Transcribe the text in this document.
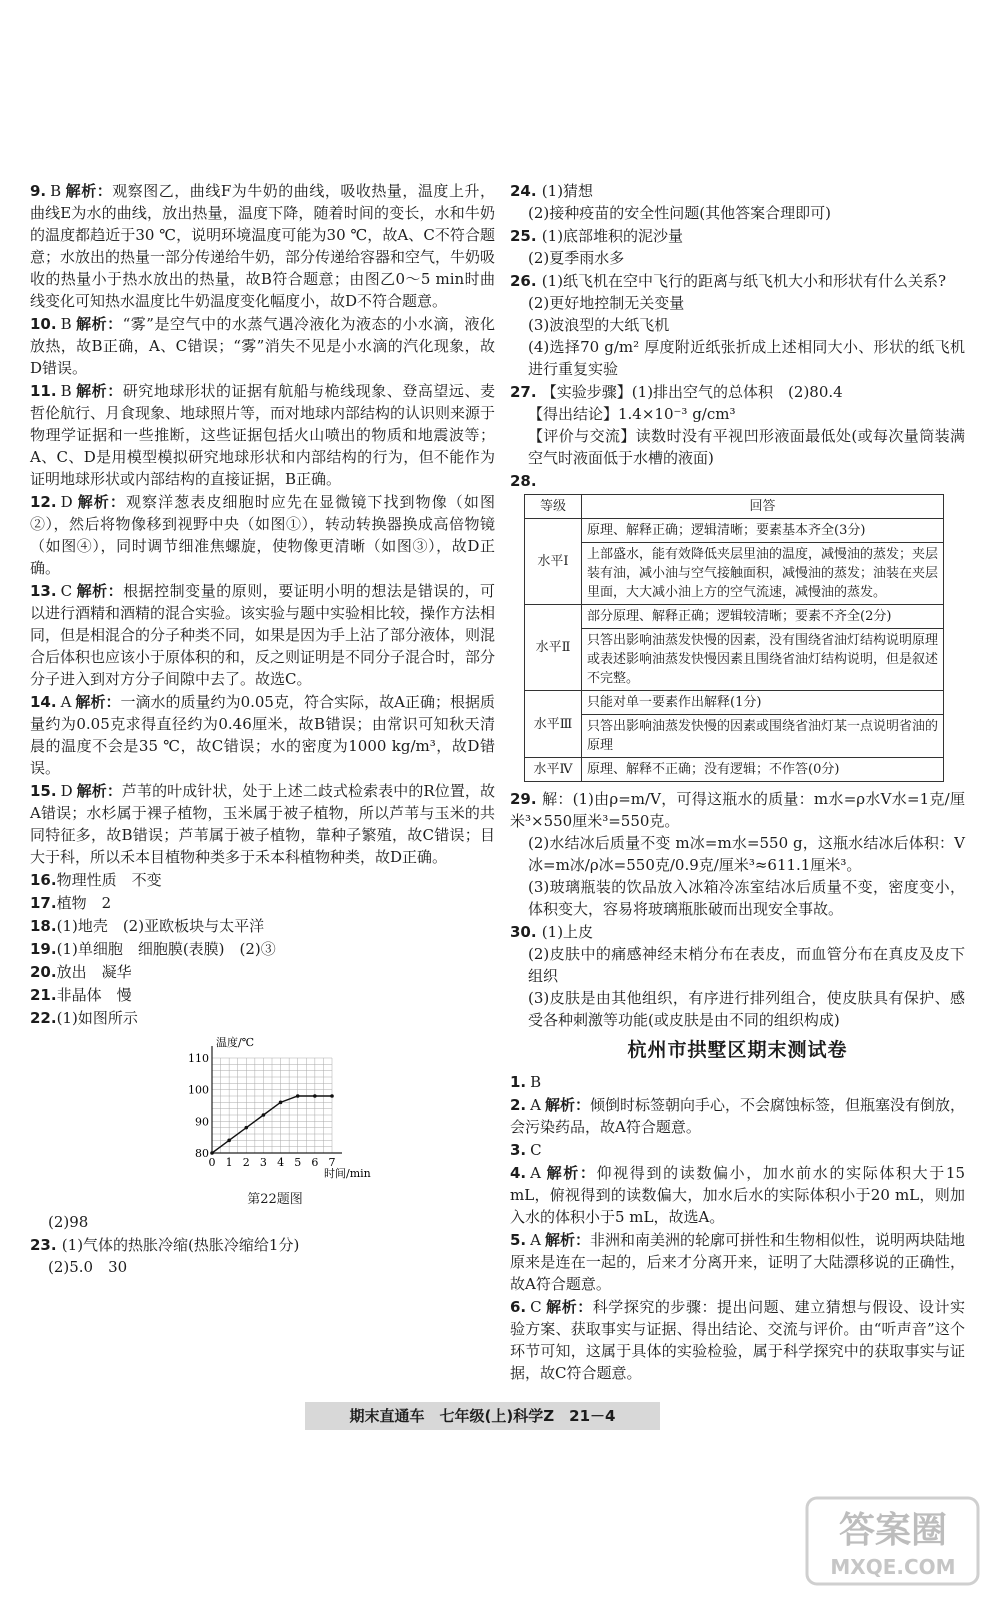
9. B 解析：观察图乙，曲线F为牛奶的曲线，吸收热量，温度上升，曲线E为水的曲线，放出热量，温度下降，随着时间的变长，水和牛奶的温度都趋近于30 ℃，说明环境温度可能为30 ℃，故A、C不符合题意；水放出的热量一部分传递给牛奶，部分传递给容器和空气，牛奶吸收的热量小于热水放出的热量，故B符合题意；由图乙0～5 min时曲线变化可知热水温度比牛奶温度变化幅度小，故D不符合题意。
10. B 解析：“雾”是空气中的水蒸气遇冷液化为液态的小水滴，液化放热，故B正确，A、C错误；“雾”消失不见是小水滴的汽化现象，故D错误。
11. B 解析：研究地球形状的证据有航船与桅线现象、登高望远、麦哲伦航行、月食现象、地球照片等，而对地球内部结构的认识则来源于物理学证据和一些推断，这些证据包括火山喷出的物质和地震波等；A、C、D是用模型模拟研究地球形状和内部结构的行为，但不能作为证明地球形状或内部结构的直接证据，B正确。
12. D 解析：观察洋葱表皮细胞时应先在显微镜下找到物像（如图②），然后将物像移到视野中央（如图①），转动转换器换成高倍物镜（如图④），同时调节细准焦螺旋，使物像更清晰（如图③），故D正确。
13. C 解析：根据控制变量的原则，要证明小明的想法是错误的，可以进行酒精和酒精的混合实验。该实验与题中实验相比较，操作方法相同，但是相混合的分子种类不同，如果是因为手上沾了部分液体，则混合后体积也应该小于原体积的和，反之则证明是不同分子混合时，部分分子进入到对方分子间隙中去了。故选C。
14. A 解析：一滴水的质量约为0.05克，符合实际，故A正确；根据质量约为0.05克求得直径约为0.46厘米，故B错误；由常识可知秋天清晨的温度不会是35 ℃，故C错误；水的密度为1000 kg/m³，故D错误。
15. D 解析：芦苇的叶成针状，处于上述二歧式检索表中的R位置，故A错误；水杉属于裸子植物，玉米属于被子植物，所以芦苇与玉米的共同特征多，故B错误；芦苇属于被子植物，靠种子繁殖，故C错误；目大于科，所以禾本目植物种类多于禾本科植物种类，故D正确。
16.物理性质　不变
17.植物　2
18.(1)地壳　(2)亚欧板块与太平洋
19.(1)单细胞　细胞膜(表膜)　(2)③
20.放出　凝华
21.非晶体　慢
22.(1)如图所示
温度/℃
时间/min
80
90
100
110
0 1 2 3 4 5 6 7
第22题图
(2)98
23. (1)气体的热胀冷缩(热胀冷缩给1分)
(2)5.0　30
24. (1)猜想
(2)接种疫苗的安全性问题(其他答案合理即可)
25. (1)底部堆积的泥沙量
(2)夏季雨水多
26. (1)纸飞机在空中飞行的距离与纸飞机大小和形状有什么关系?
(2)更好地控制无关变量
(3)波浪型的大纸飞机
(4)选择70 g/m² 厚度附近纸张折成上述相同大小、形状的纸飞机进行重复实验
27. 【实验步骤】(1)排出空气的总体积　(2)80.4
【得出结论】1.4×10⁻³ g/cm³
【评价与交流】读数时没有平视凹形液面最低处(或每次量筒装满空气时液面低于水槽的液面)
28.
等级	回答
水平Ⅰ	原理、解释正确；逻辑清晰；要素基本齐全(3分)
	上部盛水，能有效降低夹层里油的温度，减慢油的蒸发；夹层装有油，减小油与空气接触面积，减慢油的蒸发；油装在夹层里面，大大减小油上方的空气流速，减慢油的蒸发。
水平Ⅱ	部分原理、解释正确；逻辑较清晰；要素不齐全(2分)
	只答出影响油蒸发快慢的因素，没有围绕省油灯结构说明原理或表述影响油蒸发快慢因素且围绕省油灯结构说明，但是叙述不完整。
水平Ⅲ	只能对单一要素作出解释(1分)
	只答出影响油蒸发快慢的因素或围绕省油灯某一点说明省油的原理
水平Ⅳ	原理、解释不正确；没有逻辑；不作答(0分)
29. 解：(1)由ρ=m/V，可得这瓶水的质量：m水=ρ水V水=1克/厘米³×550厘米³=550克。
(2)水结冰后质量不变 m冰=m水=550 g，这瓶水结冰后体积：V冰=m冰/ρ冰=550克/0.9克/厘米³≈611.1厘米³。
(3)玻璃瓶装的饮品放入冰箱冷冻室结冰后质量不变，密度变小，体积变大，容易将玻璃瓶胀破而出现安全事故。
30. (1)上皮
(2)皮肤中的痛感神经末梢分布在表皮，而血管分布在真皮及皮下组织
(3)皮肤是由其他组织，有序进行排列组合，使皮肤具有保护、感受各种刺激等功能(或皮肤是由不同的组织构成)
杭州市拱墅区期末测试卷
1. B
2. A 解析：倾倒时标签朝向手心，不会腐蚀标签，但瓶塞没有倒放，会污染药品，故A符合题意。
3. C
4. A 解析：仰视得到的读数偏小，加水前水的实际体积大于15 mL，俯视得到的读数偏大，加水后水的实际体积小于20 mL，则加入水的体积小于5 mL，故选A。
5. A 解析：非洲和南美洲的轮廓可拼性和生物相似性，说明两块陆地原来是连在一起的，后来才分离开来，证明了大陆漂移说的正确性，故A符合题意。
6. C 解析：科学探究的步骤：提出问题、建立猜想与假设、设计实验方案、获取事实与证据、得出结论、交流与评价。由“听声音”这个环节可知，这属于具体的实验检验，属于科学探究中的获取事实与证据，故C符合题意。
期末直通车　七年级(上)科学Z　21－4
答案圈
MXQE.COM
